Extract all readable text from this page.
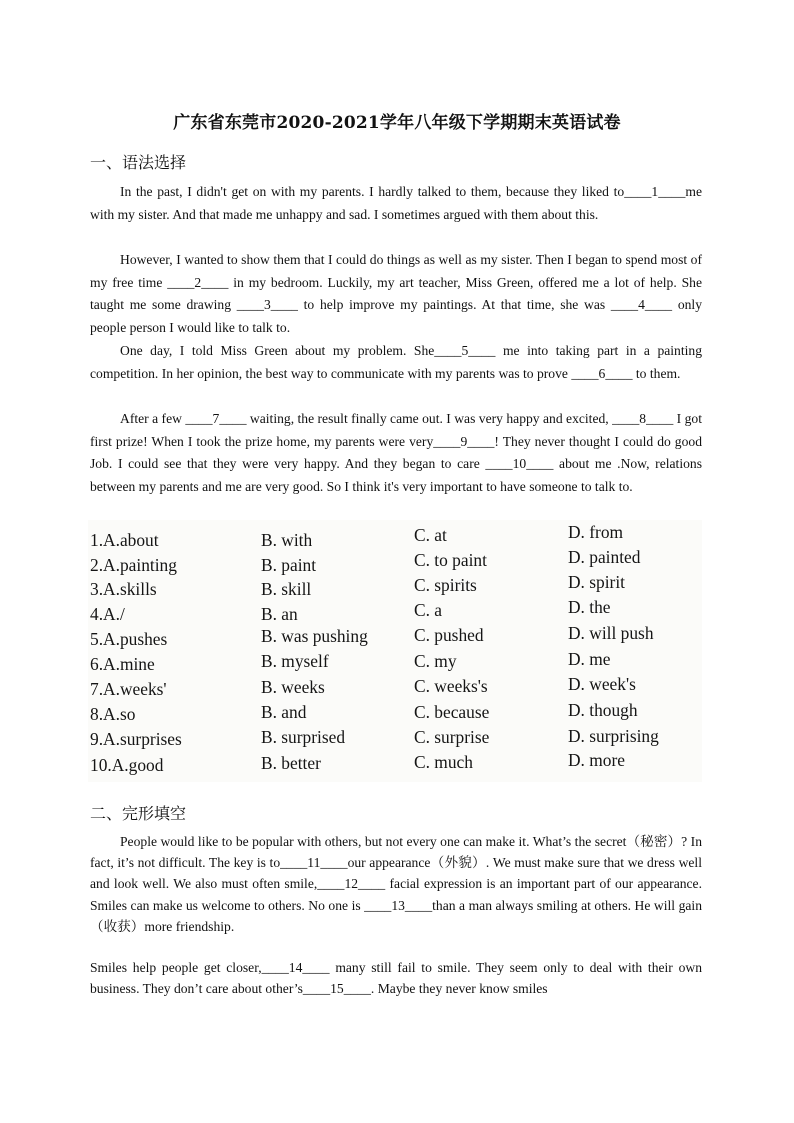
广东省东莞市2020-2021学年八年级下学期期末英语试卷
一、语法选择

In the past, I didn't get on with my parents. I hardly talked to them, because they liked to____1____me with my sister. And that made me unhappy and sad. I sometimes argued with them about this.

However, I wanted to show them that I could do things as well as my sister. Then I began to spend most of my free time ____2____ in my bedroom. Luckily, my art teacher, Miss Green, offered me a lot of help. She taught me some drawing ____3____ to help improve my paintings. At that time, she was ____4____ only people person I would like to talk to.

One day, I told Miss Green about my problem. She____5____ me into taking part in a painting competition. In her opinion, the best way to communicate with my parents was to prove ____6____ to them.

After a few ____7____ waiting, the result finally came out. I was very happy and excited, ____8____ I got first prize! When I took the prize home, my parents were very____9____! They never thought I could do good Job. I could see that they were very happy. And they began to care ____10____ about me .Now, relations between my parents and me are very good. So I think it's very important to have someone to talk to.

1.A.about	B. with	C. at	D. from
2.A.painting	B. paint	C. to paint	D. painted
3.A.skills	B. skill	C. spirits	D. spirit
4.A./	B. an	C. a	D. the
5.A.pushes	B. was pushing	C. pushed	D. will push
6.A.mine	B. myself	C. my	D. me
7.A.weeks'	B. weeks	C. weeks's	D. week's
8.A.so	B. and	C. because	D. though
9.A.surprises	B. surprised	C. surprise	D. surprising
10.A.good	B. better	C. much	D. more
二、完形填空

People would like to be popular with others, but not every one can make it. What’s the secret（秘密）? In fact, it’s not difficult. The key is to____11____our appearance（外貌）. We must make sure that we dress well and look well. We also must often smile,____12____ facial expression is an important part of our appearance. Smiles can make us welcome to others. No one is ____13____than a man always smiling at others. He will gain（收获）more friendship.

Smiles help people get closer,____14____ many still fail to smile. They seem only to deal with their own business. They don’t care about other’s____15____. Maybe they never know smiles
